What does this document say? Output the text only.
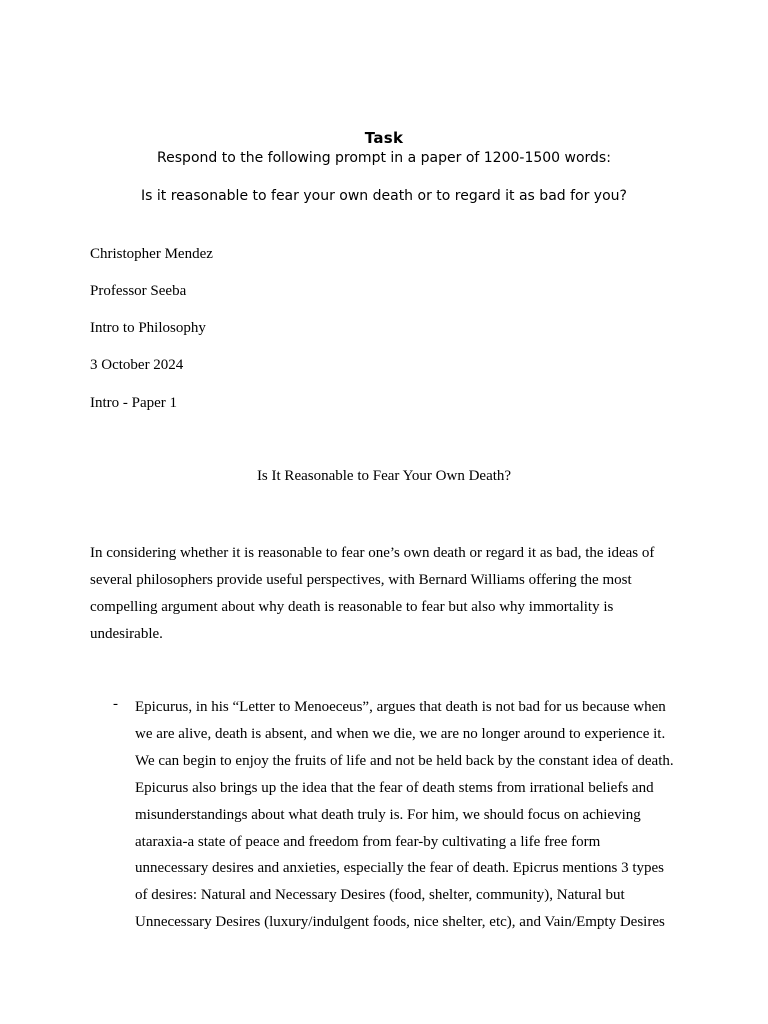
Task
Respond to the following prompt in a paper of 1200-1500 words:
Is it reasonable to fear your own death or to regard it as bad for you?
Christopher Mendez
Professor Seeba
Intro to Philosophy
3 October 2024
Intro - Paper 1
Is It Reasonable to Fear Your Own Death?

In considering whether it is reasonable to fear one’s own death or regard it as bad, the ideas of
several philosophers provide useful perspectives, with Bernard Williams offering the most
compelling argument about why death is reasonable to fear but also why immortality is
undesirable.

- Epicurus, in his “Letter to Menoeceus”, argues that death is not bad for us because when
we are alive, death is absent, and when we die, we are no longer around to experience it.
We can begin to enjoy the fruits of life and not be held back by the constant idea of death.
Epicurus also brings up the idea that the fear of death stems from irrational beliefs and
misunderstandings about what death truly is. For him, we should focus on achieving
ataraxia-a state of peace and freedom from fear-by cultivating a life free form
unnecessary desires and anxieties, especially the fear of death. Epicrus mentions 3 types
of desires: Natural and Necessary Desires (food, shelter, community), Natural but
Unnecessary Desires (luxury/indulgent foods, nice shelter, etc), and Vain/Empty Desires
